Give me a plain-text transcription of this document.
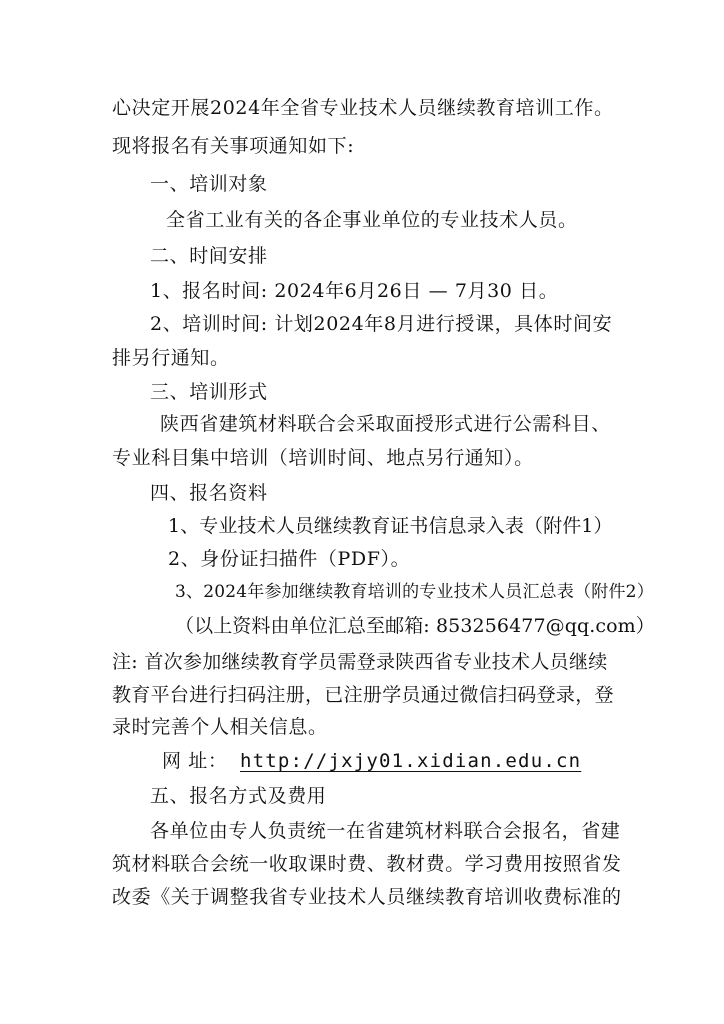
心决定开展2024年全省专业技术人员继续教育培训工作。
现将报名有关事项通知如下:
一、培训对象
全省工业有关的各企事业单位的专业技术人员。
二、时间安排
1、报名时间: 2024年6月26日 — 7月30 日。
2、培训时间: 计划2024年8月进行授课，具体时间安
排另行通知。
三、培训形式
陕西省建筑材料联合会采取面授形式进行公需科目、
专业科目集中培训（培训时间、地点另行通知）。
四、报名资料
1、专业技术人员继续教育证书信息录入表（附件1）
2、身份证扫描件（PDF）。
3、2024年参加继续教育培训的专业技术人员汇总表（附件2）
（以上资料由单位汇总至邮箱: 853256477@qq.com）
注: 首次参加继续教育学员需登录陕西省专业技术人员继续
教育平台进行扫码注册，已注册学员通过微信扫码登录，登
录时完善个人相关信息。
网 址： http://jxjy01.xidian.edu.cn
五、报名方式及费用
各单位由专人负责统一在省建筑材料联合会报名，省建
筑材料联合会统一收取课时费、教材费。学习费用按照省发
改委《关于调整我省专业技术人员继续教育培训收费标准的
